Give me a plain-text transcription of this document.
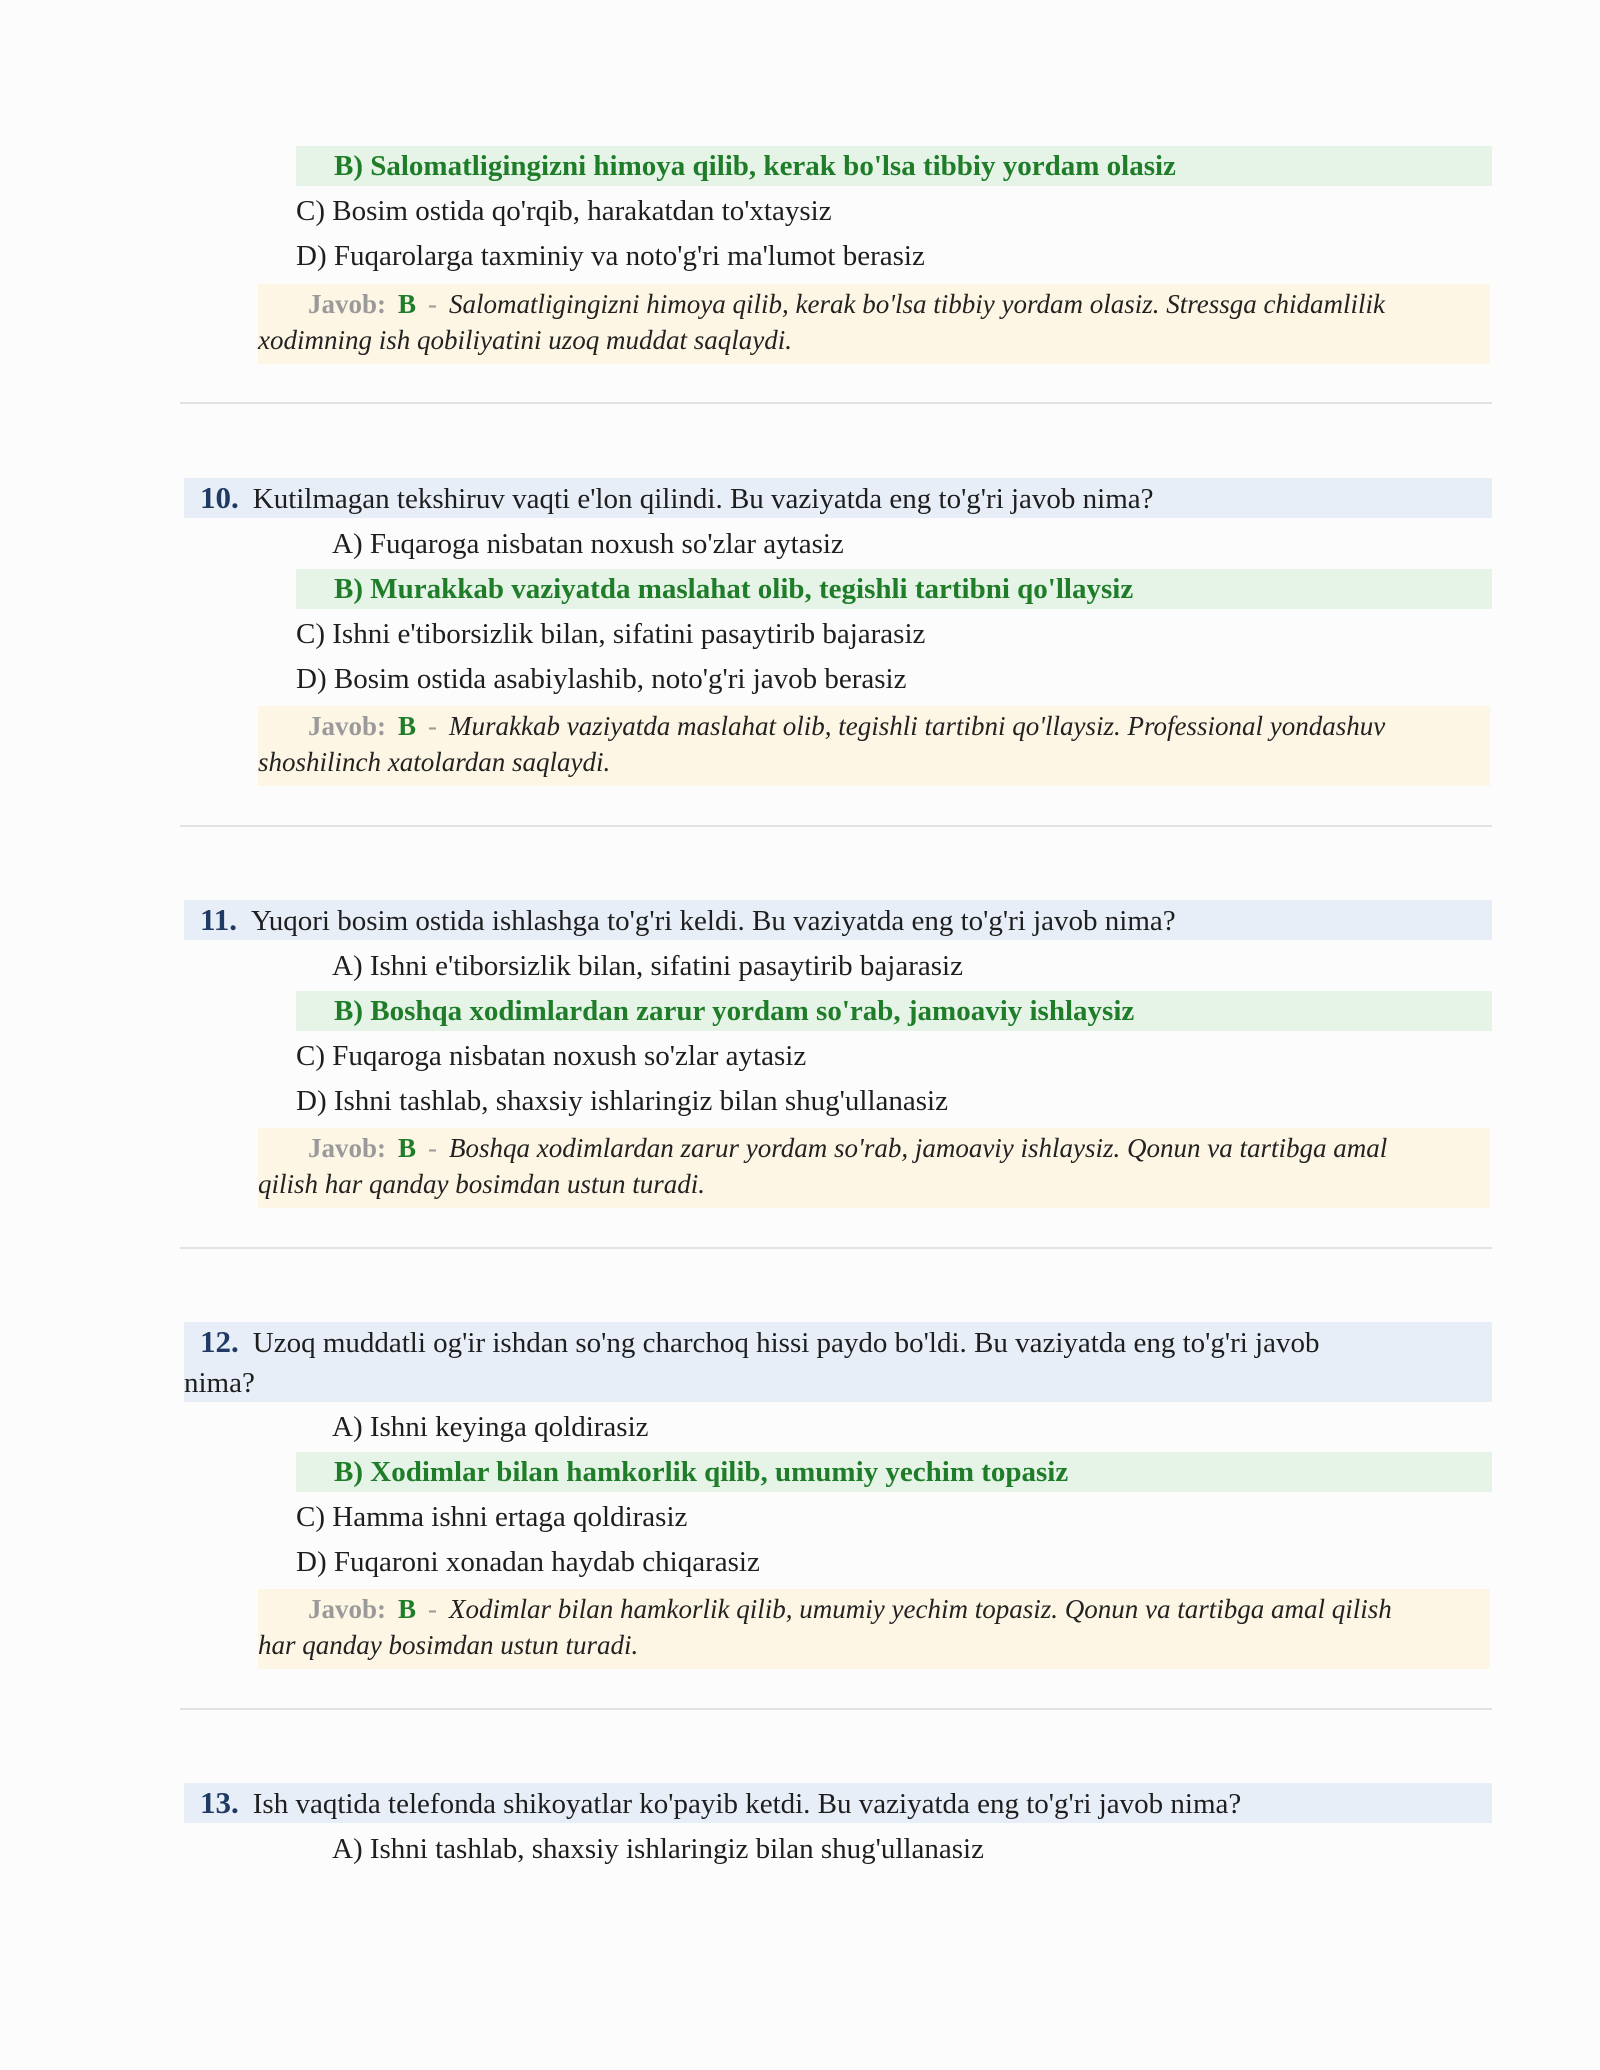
B) Salomatligingizni himoya qilib, kerak bo'lsa tibbiy yordam olasiz
C) Bosim ostida qo'rqib, harakatdan to'xtaysiz
D) Fuqarolarga taxminiy va noto'g'ri ma'lumot berasiz
Javob: B - Salomatligingizni himoya qilib, kerak bo'lsa tibbiy yordam olasiz. Stressga chidamlilik
xodimning ish qobiliyatini uzoq muddat saqlaydi.
10. Kutilmagan tekshiruv vaqti e'lon qilindi. Bu vaziyatda eng to'g'ri javob nima?
A) Fuqaroga nisbatan noxush so'zlar aytasiz
B) Murakkab vaziyatda maslahat olib, tegishli tartibni qo'llaysiz
C) Ishni e'tiborsizlik bilan, sifatini pasaytirib bajarasiz
D) Bosim ostida asabiylashib, noto'g'ri javob berasiz
Javob: B - Murakkab vaziyatda maslahat olib, tegishli tartibni qo'llaysiz. Professional yondashuv
shoshilinch xatolardan saqlaydi.
11. Yuqori bosim ostida ishlashga to'g'ri keldi. Bu vaziyatda eng to'g'ri javob nima?
A) Ishni e'tiborsizlik bilan, sifatini pasaytirib bajarasiz
B) Boshqa xodimlardan zarur yordam so'rab, jamoaviy ishlaysiz
C) Fuqaroga nisbatan noxush so'zlar aytasiz
D) Ishni tashlab, shaxsiy ishlaringiz bilan shug'ullanasiz
Javob: B - Boshqa xodimlardan zarur yordam so'rab, jamoaviy ishlaysiz. Qonun va tartibga amal
qilish har qanday bosimdan ustun turadi.
12. Uzoq muddatli og'ir ishdan so'ng charchoq hissi paydo bo'ldi. Bu vaziyatda eng to'g'ri javob
nima?
A) Ishni keyinga qoldirasiz
B) Xodimlar bilan hamkorlik qilib, umumiy yechim topasiz
C) Hamma ishni ertaga qoldirasiz
D) Fuqaroni xonadan haydab chiqarasiz
Javob: B - Xodimlar bilan hamkorlik qilib, umumiy yechim topasiz. Qonun va tartibga amal qilish
har qanday bosimdan ustun turadi.
13. Ish vaqtida telefonda shikoyatlar ko'payib ketdi. Bu vaziyatda eng to'g'ri javob nima?
A) Ishni tashlab, shaxsiy ishlaringiz bilan shug'ullanasiz
